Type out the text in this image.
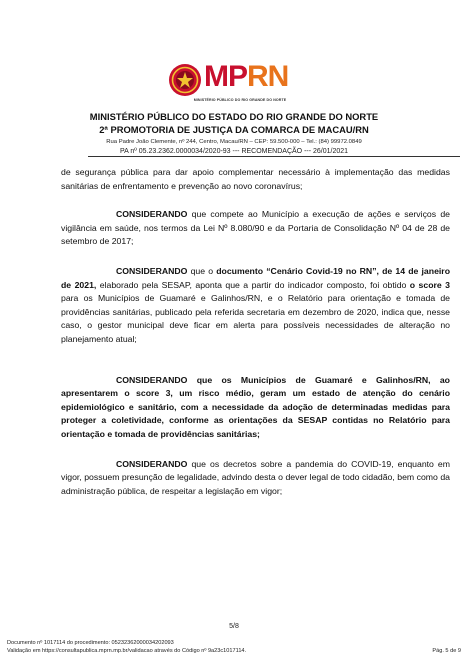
MPRN
MINISTÉRIO PÚBLICO DO RIO GRANDE DO NORTE
MINISTÉRIO PÚBLICO DO ESTADO DO RIO GRANDE DO NORTE
2ª PROMOTORIA DE JUSTIÇA DA COMARCA DE MACAU/RN
Rua Padre João Clemente, nº 244, Centro, Macau/RN – CEP: 59.500-000 – Tel.: (84) 99972.0849
PA nº 05.23.2362.0000034/2020-93 --- RECOMENDAÇÃO --- 26/01/2021

de segurança pública para dar apoio complementar necessário à implementação das medidas sanitárias de enfrentamento e prevenção ao novo coronavírus;

CONSIDERANDO que compete ao Município a execução de ações e serviços de vigilância em saúde, nos termos da Lei Nº 8.080/90 e da Portaria de Consolidação Nº 04 de 28 de setembro de 2017;

CONSIDERANDO que o documento “Cenário Covid-19 no RN”, de 14 de janeiro de 2021, elaborado pela SESAP, apontа que a partir do indicador composto, foi obtido o score 3 para os Municípios de Guamaré e Galinhos/RN, e o Relatório para orientação e tomada de providências sanitárias, publicado pela referida secretaria em dezembro de 2020, indica que, nesse caso, o gestor municipal deve ficar em alerta para possíveis necessidades de alteração no planejamento atual;

CONSIDERANDO que os Municípios de Guamaré e Galinhos/RN, ao apresentarem o score 3, um risco médio, geram um estado de atenção do cenário epidemiológico e sanitário, com a necessidade da adoção de determinadas medidas para proteger a coletividade, conforme as orientações da SESAP contidas no Relatório para orientação e tomada de providências sanitárias;

CONSIDERANDO que os decretos sobre a pandemia do COVID-19, enquanto em vigor, possuem presunção de legalidade, advindo desta o dever legal de todo cidadão, bem como da administração pública, de respeitar a legislação em vigor;

5/8
Documento nº 1017114 do procedimento: 05232362000034202093
Validação em https://consultapublica.mprn.mp.br/validacao através do Código nº 9a23c1017114.	Pág. 5 de 9
